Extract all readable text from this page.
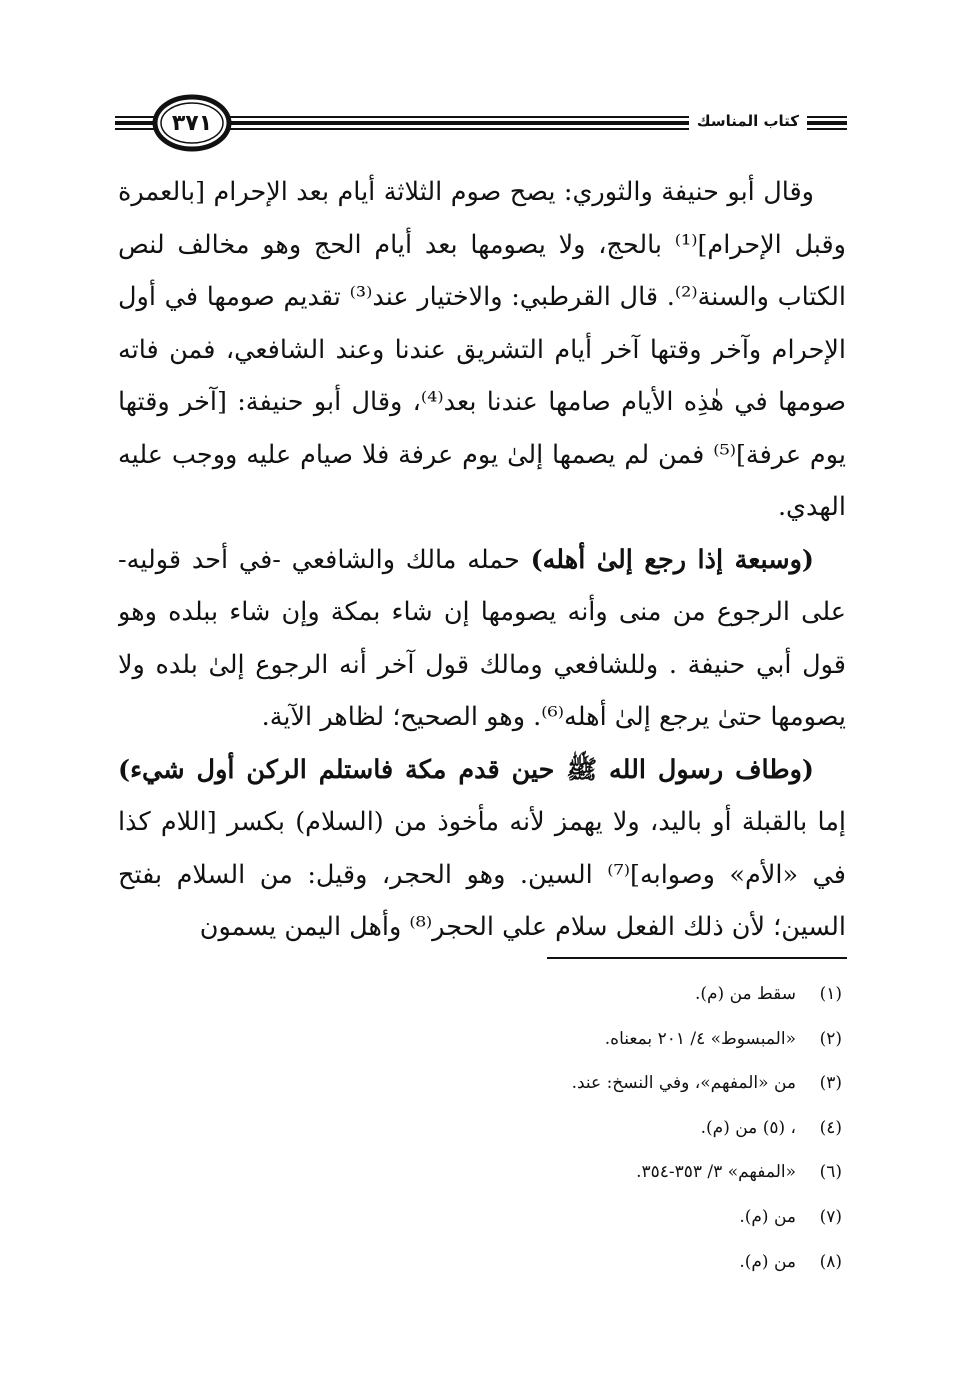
٣٧١	كتاب المناسك

وقال أبو حنيفة والثوري: يصح صوم الثلاثة أيام بعد الإحرام [بالعمرة وقبل الإحرام]⁽¹⁾ بالحج، ولا يصومها بعد أيام الحج وهو مخالف لنص الكتاب والسنة⁽²⁾. قال القرطبي: والاختيار عند⁽³⁾ تقديم صومها في أول الإحرام وآخر وقتها آخر أيام التشريق عندنا وعند الشافعي، فمن فاته صومها في هٰذِه الأيام صامها عندنا بعد⁽⁴⁾، وقال أبو حنيفة: [آخر وقتها يوم عرفة]⁽⁵⁾ فمن لم يصمها إلىٰ يوم عرفة فلا صيام عليه ووجب عليه الهدي.

(وسبعة إذا رجع إلىٰ أهله) حمله مالك والشافعي -في أحد قوليه- على الرجوع من منى وأنه يصومها إن شاء بمكة وإن شاء ببلده وهو قول أبي حنيفة . وللشافعي ومالك قول آخر أنه الرجوع إلىٰ بلده ولا يصومها حتىٰ يرجع إلىٰ أهله⁽⁶⁾. وهو الصحيح؛ لظاهر الآية.

(وطاف رسول الله ﷺ حين قدم مكة فاستلم الركن أول شيء) إما بالقبلة أو باليد، ولا يهمز لأنه مأخوذ من (السلام) بكسر [اللام كذا في «الأم» وصوابه]⁽⁷⁾ السين. وهو الحجر، وقيل: من السلام بفتح السين؛ لأن ذلك الفعل سلام علي الحجر⁽⁸⁾ وأهل اليمن يسمون

(١)
سقط من (م).
(٢)
«المبسوط» ٤/ ٢٠١ بمعناه.
(٣)
من «المفهم»، وفي النسخ: عند.
(٤)
، (٥) من (م).
(٦)
«المفهم» ٣/ ٣٥٣-٣٥٤.
(٧)
من (م).
(٨)
من (م).
